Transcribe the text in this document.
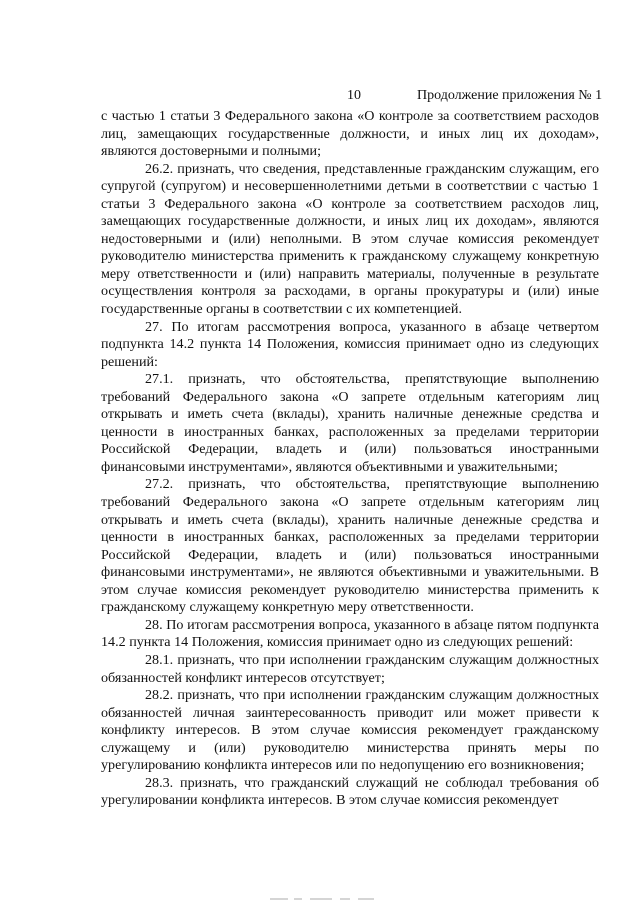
10	Продолжение приложения № 1

с частью 1 статьи 3 Федерального закона «О контроле за соответствием расходов лиц, замещающих государственные должности, и иных лиц их доходам», являются достоверными и полными;

26.2. признать, что сведения, представленные гражданским служащим, его супругой (супругом) и несовершеннолетними детьми в соответствии с частью 1 статьи 3 Федерального закона «О контроле за соответствием расходов лиц, замещающих государственные должности, и иных лиц их доходам», являются недостоверными и (или) неполными. В этом случае комиссия рекомендует руководителю министерства применить к гражданскому служащему конкретную меру ответственности и (или) направить материалы, полученные в результате осуществления контроля за расходами, в органы прокуратуры и (или) иные государственные органы в соответствии с их компетенцией.

27. По итогам рассмотрения вопроса, указанного в абзаце четвертом подпункта 14.2 пункта 14 Положения, комиссия принимает одно из следующих решений:

27.1. признать, что обстоятельства, препятствующие выполнению требований Федерального закона «О запрете отдельным категориям лиц открывать и иметь счета (вклады), хранить наличные денежные средства и ценности в иностранных банках, расположенных за пределами территории Российской Федерации, владеть и (или) пользоваться иностранными финансовыми инструментами», являются объективными и уважительными;

27.2. признать, что обстоятельства, препятствующие выполнению требований Федерального закона «О запрете отдельным категориям лиц открывать и иметь счета (вклады), хранить наличные денежные средства и ценности в иностранных банках, расположенных за пределами территории Российской Федерации, владеть и (или) пользоваться иностранными финансовыми инструментами», не являются объективными и уважительными. В этом случае комиссия рекомендует руководителю министерства применить к гражданскому служащему конкретную меру ответственности.

28. По итогам рассмотрения вопроса, указанного в абзаце пятом подпункта 14.2 пункта 14 Положения, комиссия принимает одно из следующих решений:

28.1. признать, что при исполнении гражданским служащим должностных обязанностей конфликт интересов отсутствует;

28.2. признать, что при исполнении гражданским служащим должностных обязанностей личная заинтересованность приводит или может привести к конфликту интересов. В этом случае комиссия рекомендует гражданскому служащему и (или) руководителю министерства принять меры по урегулированию конфликта интересов или по недопущению его возникновения;

28.3. признать, что гражданский служащий не соблюдал требования об урегулировании конфликта интересов. В этом случае комиссия рекомендует
